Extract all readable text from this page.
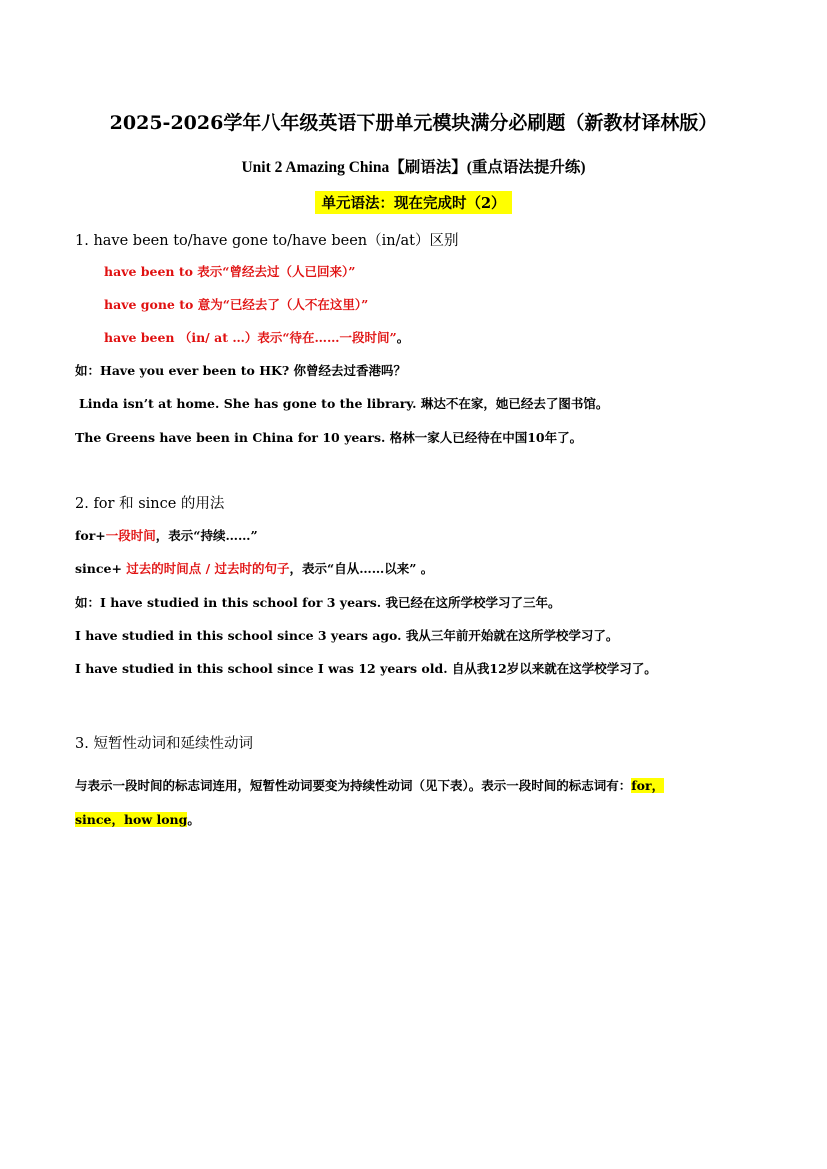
2025-2026学年八年级英语下册单元模块满分必刷题（新教材译林版）
Unit 2 Amazing China【刷语法】(重点语法提升练)
单元语法：现在完成时（2）
1. have been to/have gone to/have been（in/at）区别
have been to 表示“曾经去过（人已回来）”
have gone to 意为“已经去了（人不在这里）”
have been （in/ at …）表示“待在……一段时间”。
如：Have you ever been to HK? 你曾经去过香港吗？
Linda isn’t at home. She has gone to the library. 琳达不在家，她已经去了图书馆。
The Greens have been in China for 10 years. 格林一家人已经待在中国10年了。
2. for 和 since 的用法
for+一段时间，表示“持续……”
since+ 过去的时间点 / 过去时的句子，表示“自从……以来” 。
如：I have studied in this school for 3 years. 我已经在这所学校学习了三年。
I have studied in this school since 3 years ago. 我从三年前开始就在这所学校学习了。
I have studied in this school since I was 12 years old. 自从我12岁以来就在这学校学习了。
3. 短暂性动词和延续性动词
与表示一段时间的标志词连用，短暂性动词要变为持续性动词（见下表）。表示一段时间的标志词有：for，
since，how long。
